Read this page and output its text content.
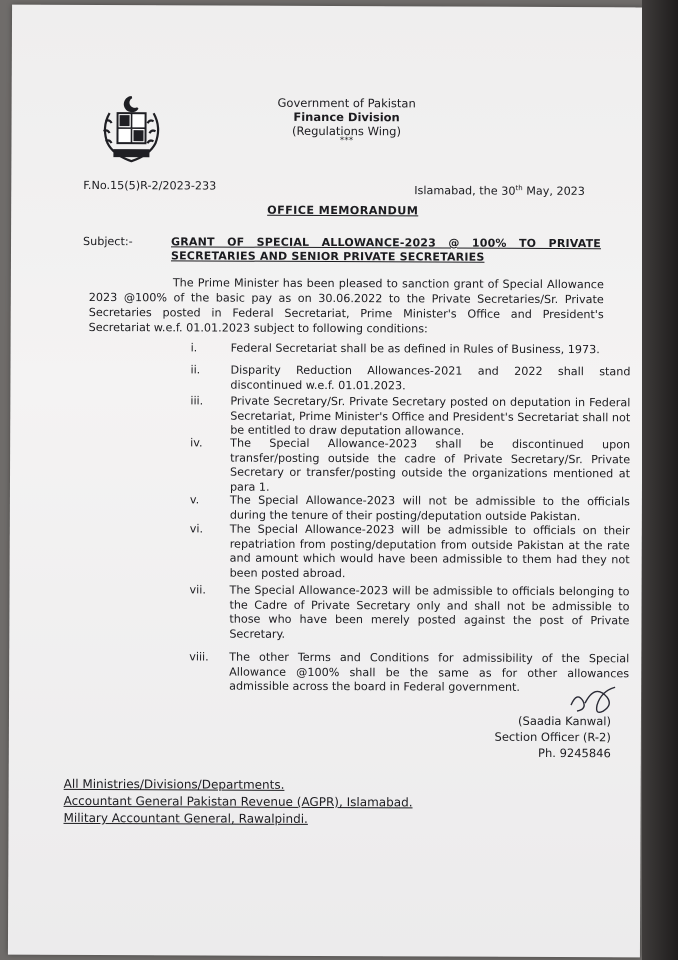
Government of Pakistan
Finance Division
(Regulations Wing)
***
F.No.15(5)R-2/2023-233	Islamabad, the 30th May, 2023
OFFICE MEMORANDUM
Subject:-	GRANT OF SPECIAL ALLOWANCE-2023 @ 100% TO PRIVATE SECRETARIES AND SENIOR PRIVATE SECRETARIES
The Prime Minister has been pleased to sanction grant of Special Allowance 2023 @100% of the basic pay as on 30.06.2022 to the Private Secretaries/Sr. Private Secretaries posted in Federal Secretariat, Prime Minister's Office and President's Secretariat w.e.f. 01.01.2023 subject to following conditions:
i.	Federal Secretariat shall be as defined in Rules of Business, 1973.
ii.	Disparity Reduction Allowances-2021 and 2022 shall stand discontinued w.e.f. 01.01.2023.
iii.	Private Secretary/Sr. Private Secretary posted on deputation in Federal Secretariat, Prime Minister's Office and President's Secretariat shall not be entitled to draw deputation allowance.
iv.	The Special Allowance-2023 shall be discontinued upon transfer/posting outside the cadre of Private Secretary/Sr. Private Secretary or transfer/posting outside the organizations mentioned at para 1.
v.	The Special Allowance-2023 will not be admissible to the officials during the tenure of their posting/deputation outside Pakistan.
vi.	The Special Allowance-2023 will be admissible to officials on their repatriation from posting/deputation from outside Pakistan at the rate and amount which would have been admissible to them had they not been posted abroad.
vii.	The Special Allowance-2023 will be admissible to officials belonging to the Cadre of Private Secretary only and shall not be admissible to those who have been merely posted against the post of Private Secretary.
viii.	The other Terms and Conditions for admissibility of the Special Allowance @100% shall be the same as for other allowances admissible across the board in Federal government.
(Saadia Kanwal)
Section Officer (R-2)
Ph. 9245846
All Ministries/Divisions/Departments.
Accountant General Pakistan Revenue (AGPR), Islamabad.
Military Accountant General, Rawalpindi.
